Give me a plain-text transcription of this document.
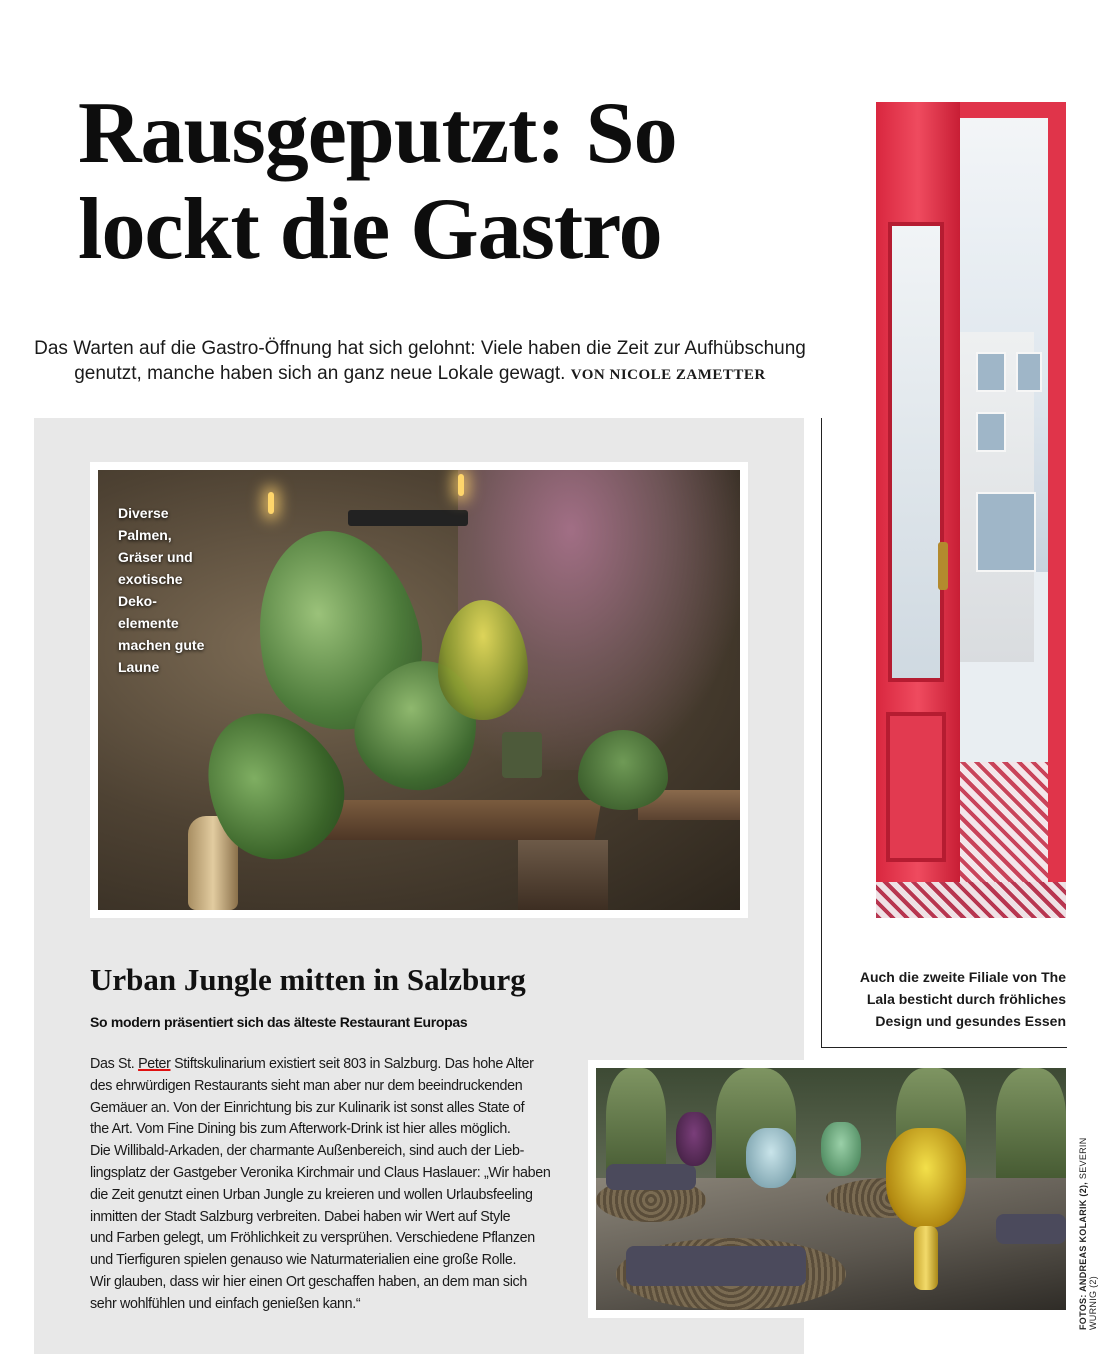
Rausgeputzt: So
lockt die Gastro

Das Warten auf die Gastro-Öffnung hat sich gelohnt: Viele haben die Zeit zur Aufhübschung
genutzt, manche haben sich an ganz neue Lokale gewagt. VON NICOLE ZAMETTER

Auch die zweite Filiale von The
Lala besticht durch fröhliches
Design und gesundes Essen

Diverse
Palmen,
Gräser und
exotische
Deko-
elemente
machen gute
Laune
Urban Jungle mitten in Salzburg
So modern präsentiert sich das älteste Restaurant Europas

Das St. Peter Stiftskulinarium existiert seit 803 in Salzburg. Das hohe Alter
des ehrwürdigen Restaurants sieht man aber nur dem beeindruckenden
Gemäuer an. Von der Einrichtung bis zur Kulinarik ist sonst alles State of
the Art. Vom Fine Dining bis zum Afterwork-Drink ist hier alles möglich.
Die Willibald-Arkaden, der charmante Außenbereich, sind auch der Lieb-
lingsplatz der Gastgeber Veronika Kirchmair und Claus Haslauer: „Wir haben
die Zeit genutzt einen Urban Jungle zu kreieren und wollen Urlaubsfeeling
inmitten der Stadt Salzburg verbreiten. Dabei haben wir Wert auf Style
und Farben gelegt, um Fröhlichkeit zu versprühen. Verschiedene Pflanzen
und Tierfiguren spielen genauso wie Naturmaterialien eine große Rolle.
Wir glauben, dass wir hier einen Ort geschaffen haben, an dem man sich
sehr wohlfühlen und einfach genießen kann.“	FOTOS: ANDREAS KOLARIK (2), SEVERIN WURNIG (2)
